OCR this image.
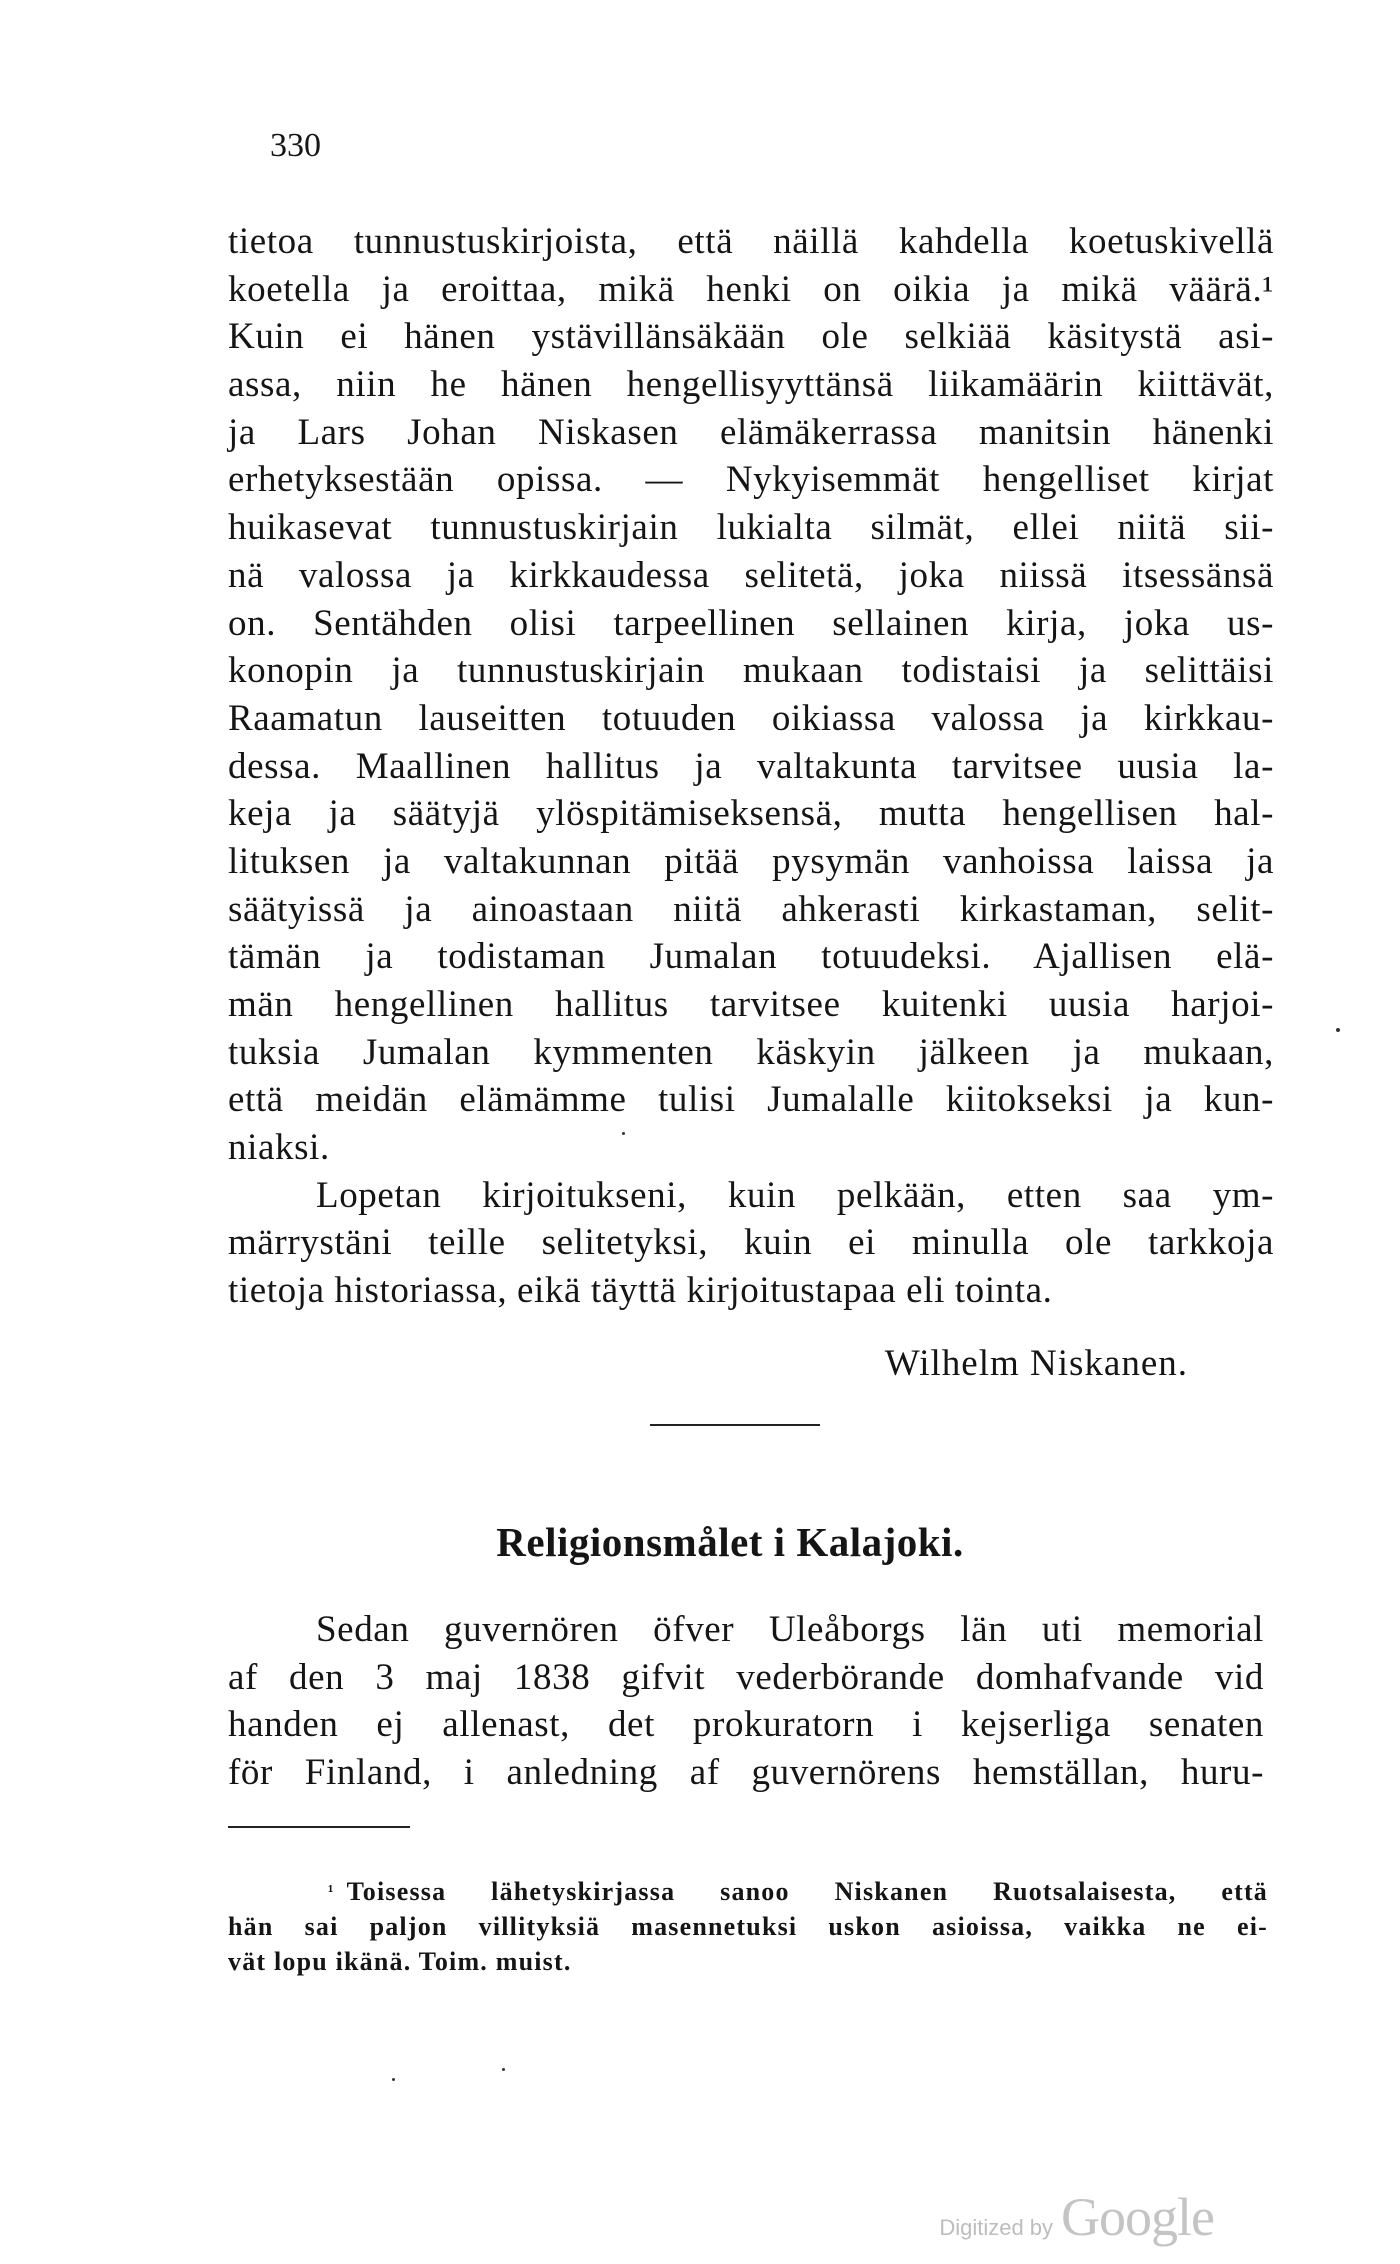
330
tietoa tunnustuskirjoista, että näillä kahdella koetuskivellä
koetella ja eroittaa, mikä henki on oikia ja mikä väärä.¹
Kuin ei hänen ystävillänsäkään ole selkiää käsitystä asi-
assa, niin he hänen hengellisyyttänsä liikamäärin kiittävät,
ja Lars Johan Niskasen elämäkerrassa manitsin hänenki
erhetyksestään opissa. — Nykyisemmät hengelliset kirjat
huikasevat tunnustuskirjain lukialta silmät, ellei niitä sii-
nä valossa ja kirkkaudessa selitetä, joka niissä itsessänsä
on. Sentähden olisi tarpeellinen sellainen kirja, joka us-
konopin ja tunnustuskirjain mukaan todistaisi ja selittäisi
Raamatun lauseitten totuuden oikiassa valossa ja kirkkau-
dessa. Maallinen hallitus ja valtakunta tarvitsee uusia la-
keja ja säätyjä ylöspitämiseksensä, mutta hengellisen hal-
lituksen ja valtakunnan pitää pysymän vanhoissa laissa ja
säätyissä ja ainoastaan niitä ahkerasti kirkastaman, selit-
tämän ja todistaman Jumalan totuudeksi. Ajallisen elä-
män hengellinen hallitus tarvitsee kuitenki uusia harjoi-
tuksia Jumalan kymmenten käskyin jälkeen ja mukaan,
että meidän elämämme tulisi Jumalalle kiitokseksi ja kun-
niaksi.
Lopetan kirjoitukseni, kuin pelkään, etten saa ym-
märrystäni teille selitetyksi, kuin ei minulla ole tarkkoja
tietoja historiassa, eikä täyttä kirjoitustapaa eli tointa.
Wilhelm Niskanen.
Religionsmålet i Kalajoki.
Sedan guvernören öfver Uleåborgs län uti memorial
af den 3 maj 1838 gifvit vederbörande domhafvande vid
handen ej allenast, det prokuratorn i kejserliga senaten
för Finland, i anledning af guvernörens hemställan, huru-
$^{^1}$ Toisessa lähetyskirjassa sanoo Niskanen Ruotsalaisesta, että
hän sai paljon villityksiä masennetuksi uskon asioissa, vaikka ne ei-
vät lopu ikänä. Toim. muist.
Digitized by Google
